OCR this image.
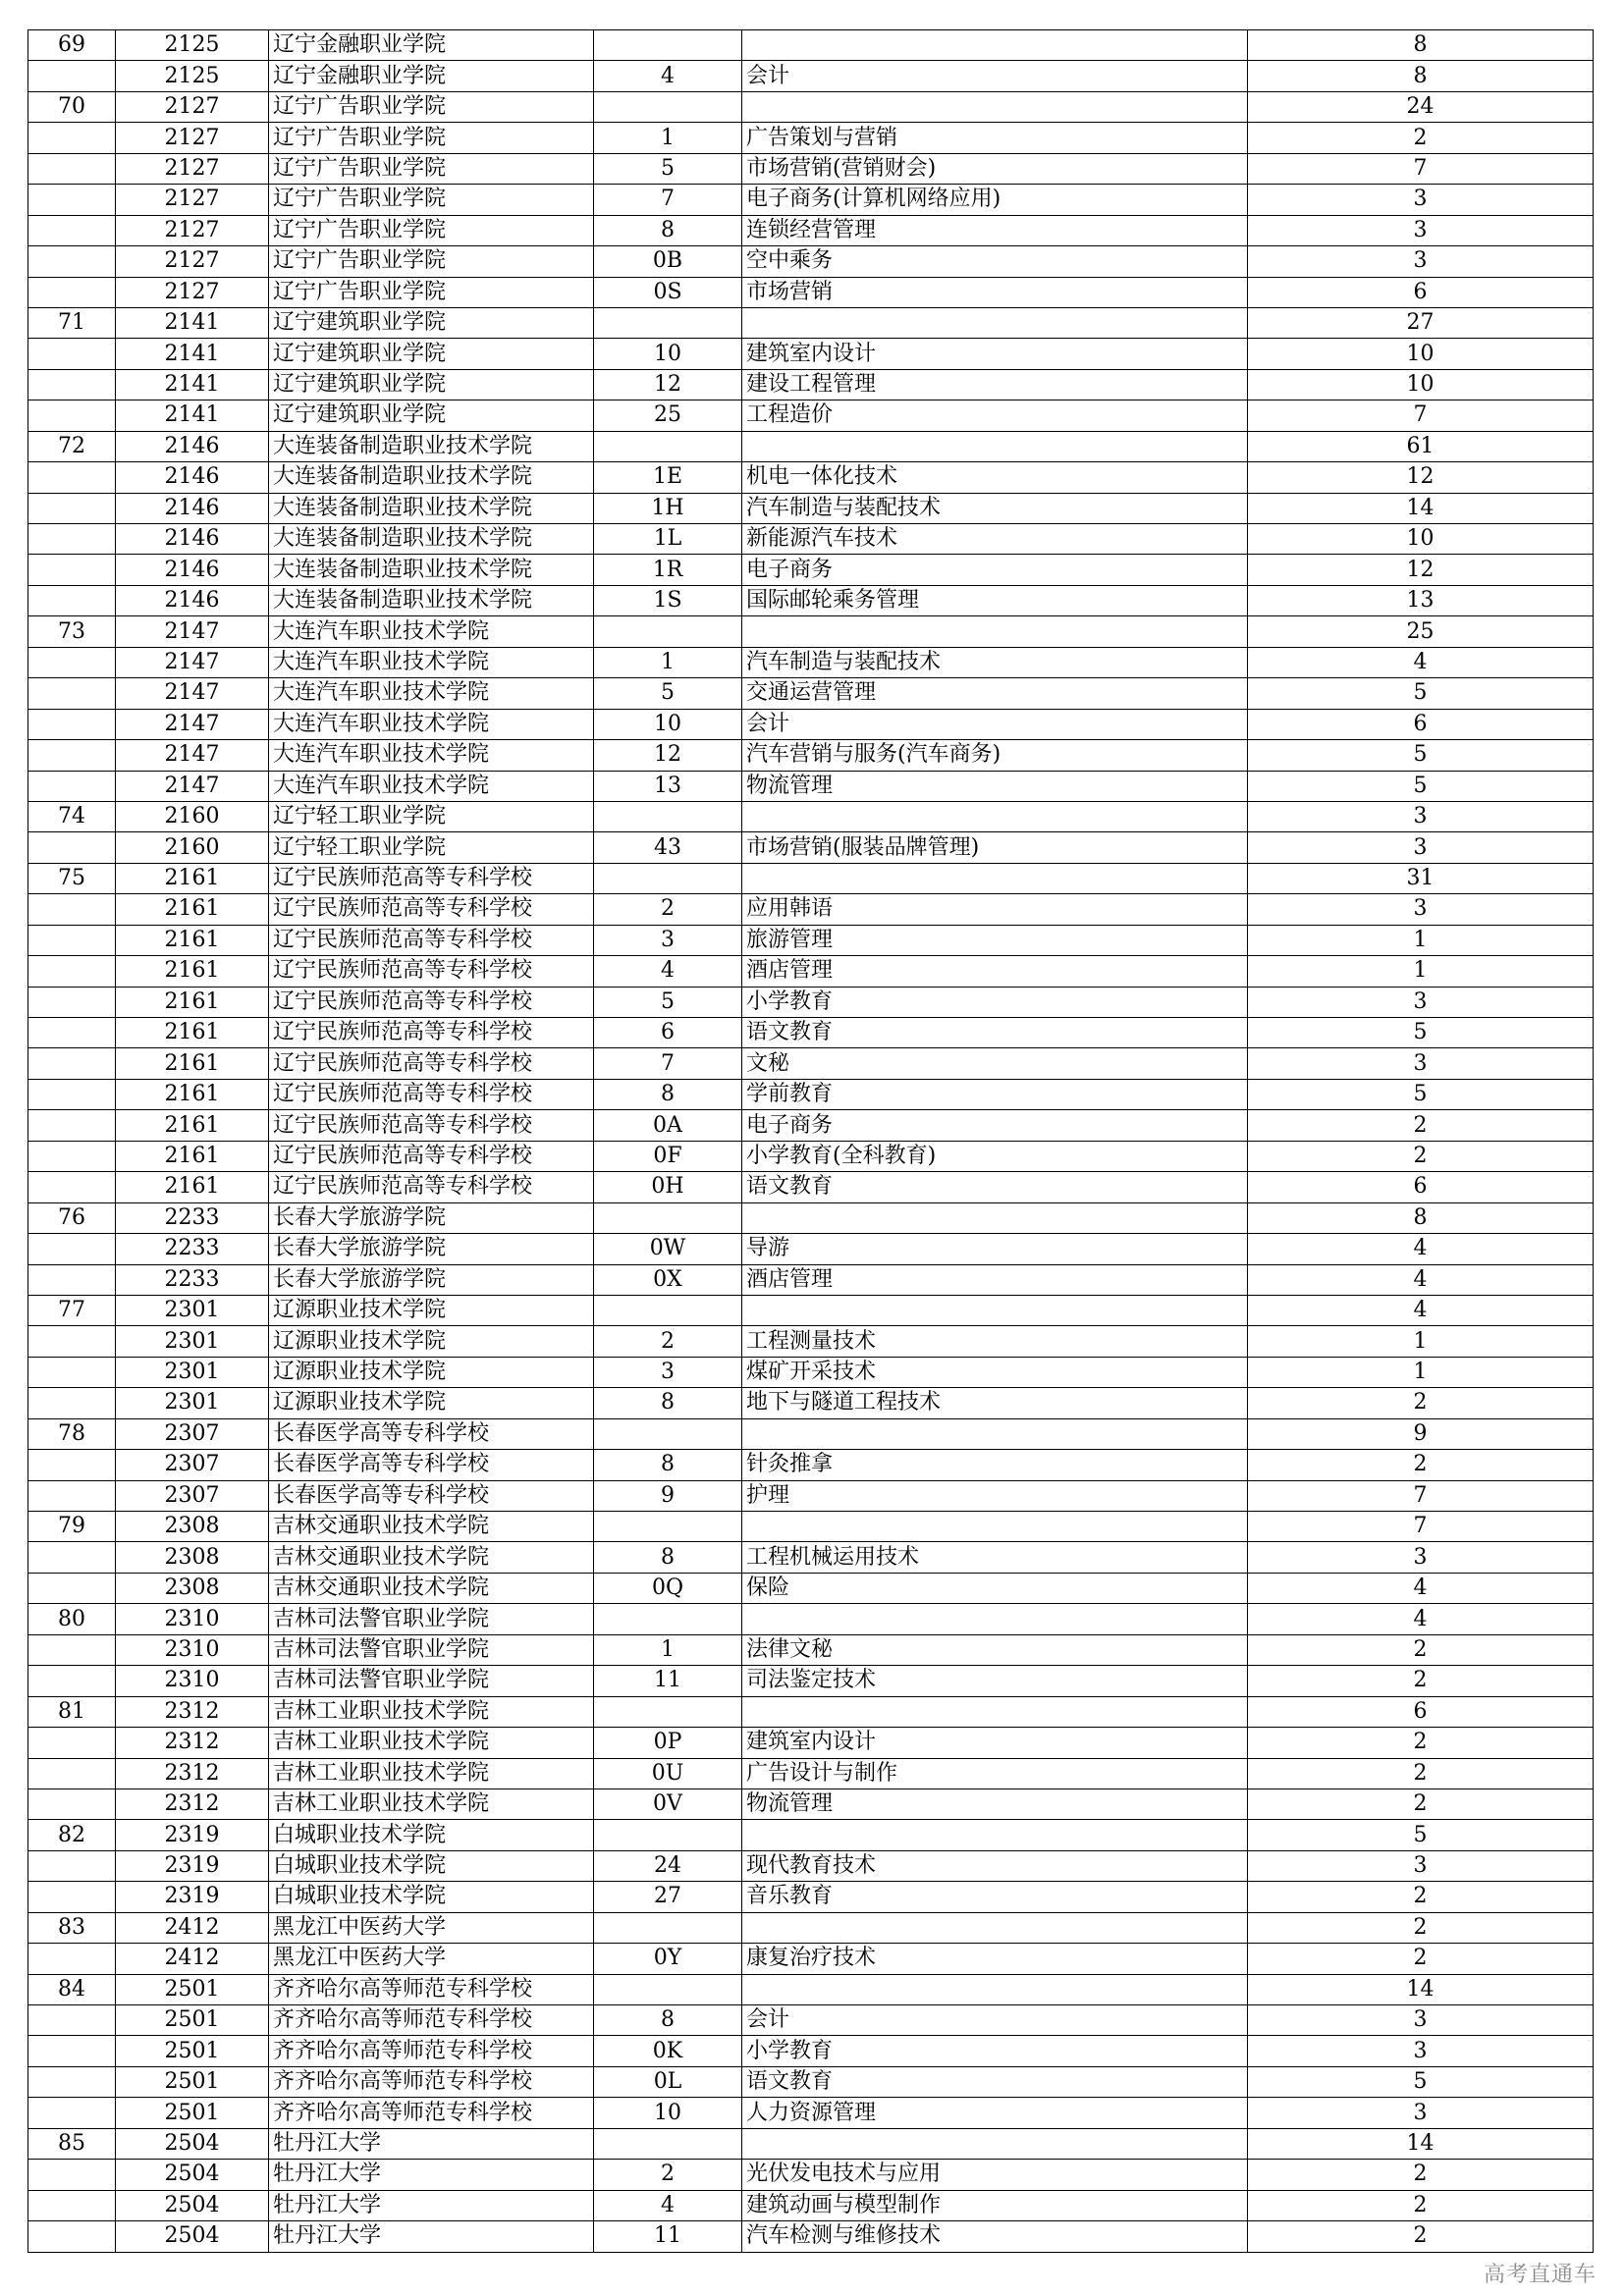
69	2125	辽宁金融职业学院			8
	2125	辽宁金融职业学院	4	会计	8
70	2127	辽宁广告职业学院			24
	2127	辽宁广告职业学院	1	广告策划与营销	2
	2127	辽宁广告职业学院	5	市场营销(营销财会)	7
	2127	辽宁广告职业学院	7	电子商务(计算机网络应用)	3
	2127	辽宁广告职业学院	8	连锁经营管理	3
	2127	辽宁广告职业学院	0B	空中乘务	3
	2127	辽宁广告职业学院	0S	市场营销	6
71	2141	辽宁建筑职业学院			27
	2141	辽宁建筑职业学院	10	建筑室内设计	10
	2141	辽宁建筑职业学院	12	建设工程管理	10
	2141	辽宁建筑职业学院	25	工程造价	7
72	2146	大连装备制造职业技术学院			61
	2146	大连装备制造职业技术学院	1E	机电一体化技术	12
	2146	大连装备制造职业技术学院	1H	汽车制造与装配技术	14
	2146	大连装备制造职业技术学院	1L	新能源汽车技术	10
	2146	大连装备制造职业技术学院	1R	电子商务	12
	2146	大连装备制造职业技术学院	1S	国际邮轮乘务管理	13
73	2147	大连汽车职业技术学院			25
	2147	大连汽车职业技术学院	1	汽车制造与装配技术	4
	2147	大连汽车职业技术学院	5	交通运营管理	5
	2147	大连汽车职业技术学院	10	会计	6
	2147	大连汽车职业技术学院	12	汽车营销与服务(汽车商务)	5
	2147	大连汽车职业技术学院	13	物流管理	5
74	2160	辽宁轻工职业学院			3
	2160	辽宁轻工职业学院	43	市场营销(服装品牌管理)	3
75	2161	辽宁民族师范高等专科学校			31
	2161	辽宁民族师范高等专科学校	2	应用韩语	3
	2161	辽宁民族师范高等专科学校	3	旅游管理	1
	2161	辽宁民族师范高等专科学校	4	酒店管理	1
	2161	辽宁民族师范高等专科学校	5	小学教育	3
	2161	辽宁民族师范高等专科学校	6	语文教育	5
	2161	辽宁民族师范高等专科学校	7	文秘	3
	2161	辽宁民族师范高等专科学校	8	学前教育	5
	2161	辽宁民族师范高等专科学校	0A	电子商务	2
	2161	辽宁民族师范高等专科学校	0F	小学教育(全科教育)	2
	2161	辽宁民族师范高等专科学校	0H	语文教育	6
76	2233	长春大学旅游学院			8
	2233	长春大学旅游学院	0W	导游	4
	2233	长春大学旅游学院	0X	酒店管理	4
77	2301	辽源职业技术学院			4
	2301	辽源职业技术学院	2	工程测量技术	1
	2301	辽源职业技术学院	3	煤矿开采技术	1
	2301	辽源职业技术学院	8	地下与隧道工程技术	2
78	2307	长春医学高等专科学校			9
	2307	长春医学高等专科学校	8	针灸推拿	2
	2307	长春医学高等专科学校	9	护理	7
79	2308	吉林交通职业技术学院			7
	2308	吉林交通职业技术学院	8	工程机械运用技术	3
	2308	吉林交通职业技术学院	0Q	保险	4
80	2310	吉林司法警官职业学院			4
	2310	吉林司法警官职业学院	1	法律文秘	2
	2310	吉林司法警官职业学院	11	司法鉴定技术	2
81	2312	吉林工业职业技术学院			6
	2312	吉林工业职业技术学院	0P	建筑室内设计	2
	2312	吉林工业职业技术学院	0U	广告设计与制作	2
	2312	吉林工业职业技术学院	0V	物流管理	2
82	2319	白城职业技术学院			5
	2319	白城职业技术学院	24	现代教育技术	3
	2319	白城职业技术学院	27	音乐教育	2
83	2412	黑龙江中医药大学			2
	2412	黑龙江中医药大学	0Y	康复治疗技术	2
84	2501	齐齐哈尔高等师范专科学校			14
	2501	齐齐哈尔高等师范专科学校	8	会计	3
	2501	齐齐哈尔高等师范专科学校	0K	小学教育	3
	2501	齐齐哈尔高等师范专科学校	0L	语文教育	5
	2501	齐齐哈尔高等师范专科学校	10	人力资源管理	3
85	2504	牡丹江大学			14
	2504	牡丹江大学	2	光伏发电技术与应用	2
	2504	牡丹江大学	4	建筑动画与模型制作	2
	2504	牡丹江大学	11	汽车检测与维修技术	2
高考直通车
